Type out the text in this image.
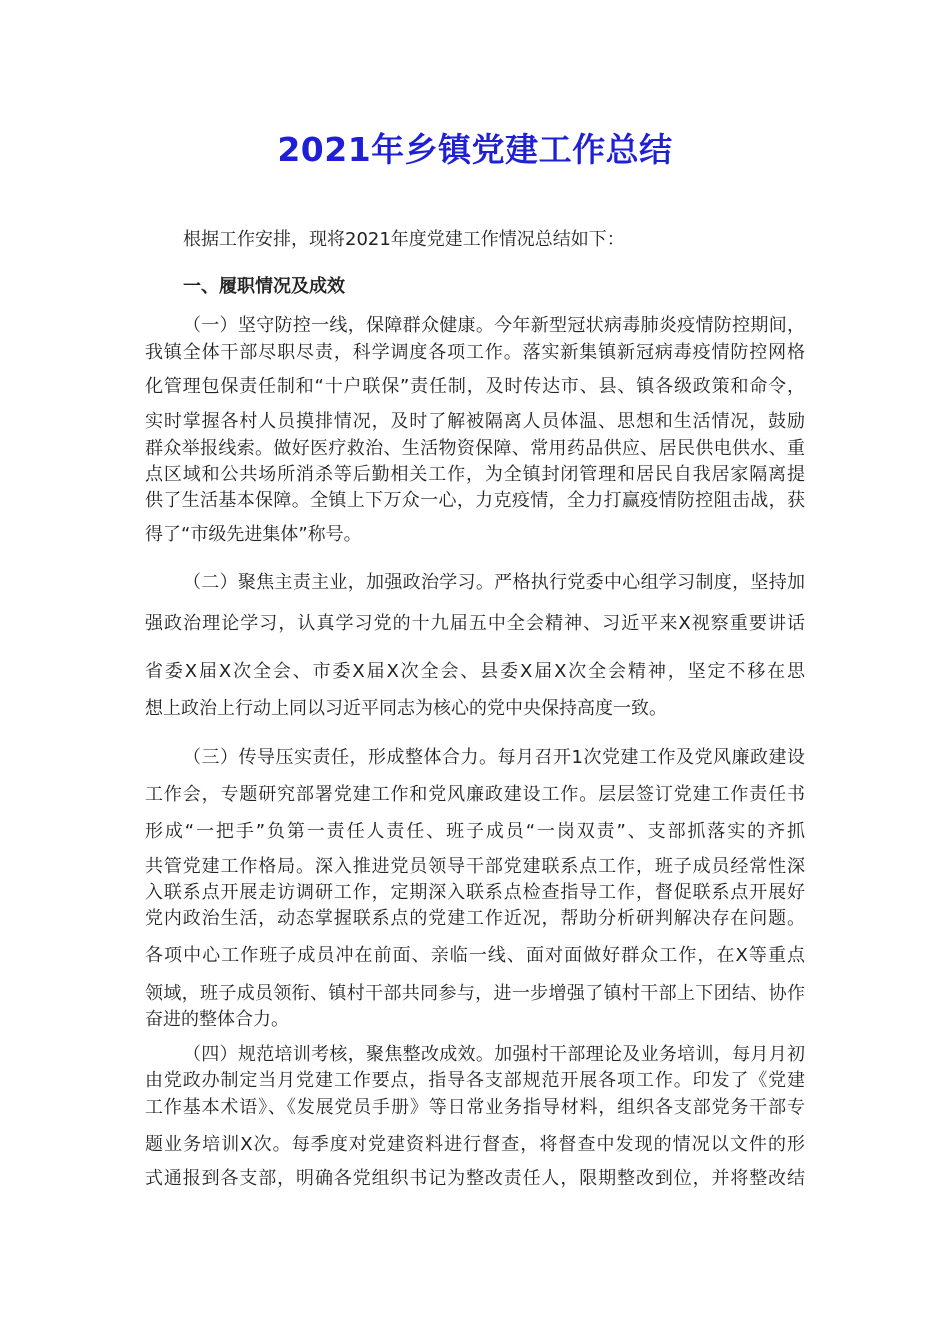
2021年乡镇党建工作总结
根据工作安排，现将2021年度党建工作情况总结如下：
一、履职情况及成效
（一）坚守防控一线，保障群众健康。今年新型冠状病毒肺炎疫情防控期间，
我镇全体干部尽职尽责，科学调度各项工作。落实新集镇新冠病毒疫情防控网格
化管理包保责任制和“十户联保”责任制，及时传达市、县、镇各级政策和命令，
实时掌握各村人员摸排情况，及时了解被隔离人员体温、思想和生活情况，鼓励
群众举报线索。做好医疗救治、生活物资保障、常用药品供应、居民供电供水、重
点区域和公共场所消杀等后勤相关工作，为全镇封闭管理和居民自我居家隔离提
供了生活基本保障。全镇上下万众一心，力克疫情，全力打赢疫情防控阻击战，获
得了“市级先进集体”称号。
（二）聚焦主责主业，加强政治学习。严格执行党委中心组学习制度，坚持加
强政治理论学习，认真学习党的十九届五中全会精神、习近平来X视察重要讲话
省委X届X次全会、市委X届X次全会、县委X届X次全会精神，坚定不移在思
想上政治上行动上同以习近平同志为核心的党中央保持高度一致。
（三）传导压实责任，形成整体合力。每月召开1次党建工作及党风廉政建设
工作会，专题研究部署党建工作和党风廉政建设工作。层层签订党建工作责任书
形成“一把手”负第一责任人责任、班子成员“一岗双责”、支部抓落实的齐抓
共管党建工作格局。深入推进党员领导干部党建联系点工作，班子成员经常性深
入联系点开展走访调研工作，定期深入联系点检查指导工作，督促联系点开展好
党内政治生活，动态掌握联系点的党建工作近况，帮助分析研判解决存在问题。
各项中心工作班子成员冲在前面、亲临一线、面对面做好群众工作，在X等重点
领域，班子成员领衔、镇村干部共同参与，进一步增强了镇村干部上下团结、协作
奋进的整体合力。
（四）规范培训考核，聚焦整改成效。加强村干部理论及业务培训，每月月初
由党政办制定当月党建工作要点，指导各支部规范开展各项工作。印发了《党建
工作基本术语》、《发展党员手册》等日常业务指导材料，组织各支部党务干部专
题业务培训X次。每季度对党建资料进行督查，将督查中发现的情况以文件的形
式通报到各支部，明确各党组织书记为整改责任人，限期整改到位，并将整改结
